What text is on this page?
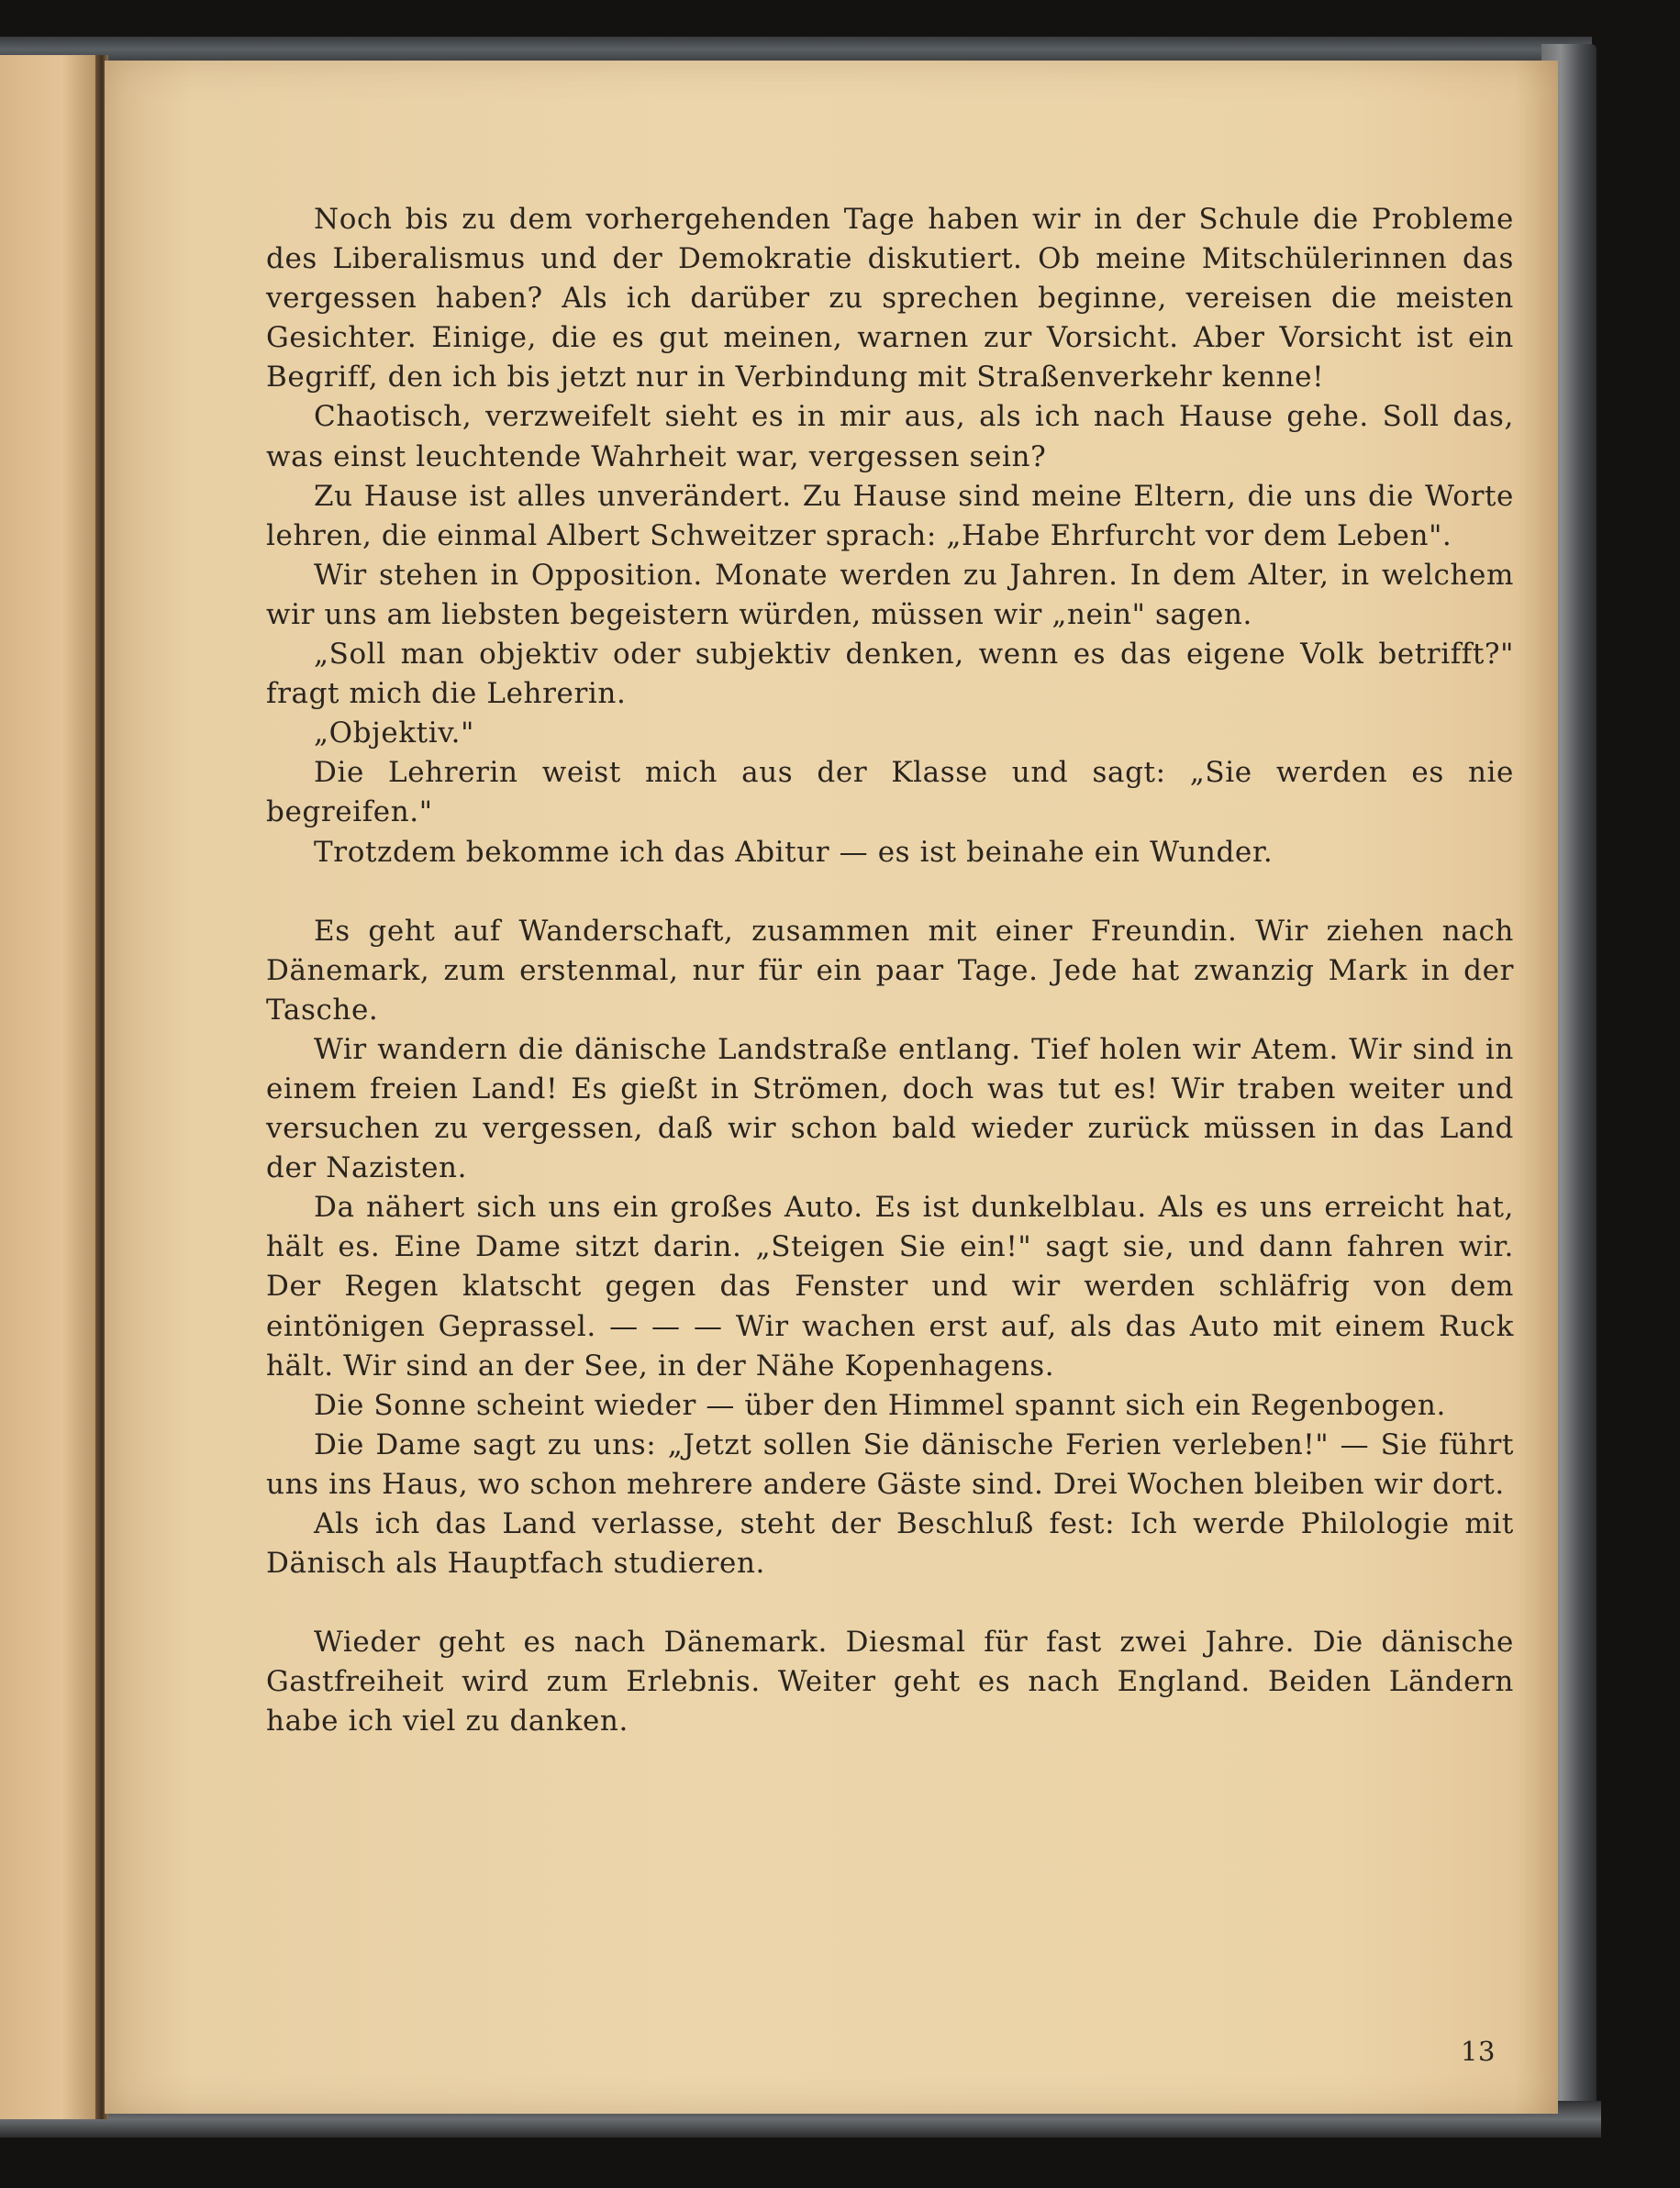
Noch bis zu dem vorhergehenden Tage haben wir in der Schule die Probleme des Liberalismus und der Demokratie diskutiert. Ob meine Mitschülerinnen das vergessen haben? Als ich darüber zu sprechen beginne, vereisen die meisten Gesichter. Einige, die es gut meinen, warnen zur Vorsicht. Aber Vorsicht ist ein Begriff, den ich bis jetzt nur in Verbindung mit Straßenverkehr kenne!

Chaotisch, verzweifelt sieht es in mir aus, als ich nach Hause gehe. Soll das, was einst leuchtende Wahrheit war, vergessen sein?

Zu Hause ist alles unverändert. Zu Hause sind meine Eltern, die uns die Worte lehren, die einmal Albert Schweitzer sprach: „Habe Ehrfurcht vor dem Leben".

Wir stehen in Opposition. Monate werden zu Jahren. In dem Alter, in welchem wir uns am liebsten begeistern würden, müssen wir „nein" sagen.

„Soll man objektiv oder subjektiv denken, wenn es das eigene Volk betrifft?" fragt mich die Lehrerin.

„Objektiv."

Die Lehrerin weist mich aus der Klasse und sagt: „Sie werden es nie begreifen."

Trotzdem bekomme ich das Abitur — es ist beinahe ein Wunder.

Es geht auf Wanderschaft, zusammen mit einer Freundin. Wir ziehen nach Dänemark, zum erstenmal, nur für ein paar Tage. Jede hat zwanzig Mark in der Tasche.

Wir wandern die dänische Landstraße entlang. Tief holen wir Atem. Wir sind in einem freien Land! Es gießt in Strömen, doch was tut es! Wir traben weiter und versuchen zu vergessen, daß wir schon bald wieder zurück müssen in das Land der Nazisten.

Da nähert sich uns ein großes Auto. Es ist dunkelblau. Als es uns erreicht hat, hält es. Eine Dame sitzt darin. „Steigen Sie ein!" sagt sie, und dann fahren wir. Der Regen klatscht gegen das Fenster und wir werden schläfrig von dem eintönigen Geprassel. — — — Wir wachen erst auf, als das Auto mit einem Ruck hält. Wir sind an der See, in der Nähe Kopenhagens.

Die Sonne scheint wieder — über den Himmel spannt sich ein Regenbogen.

Die Dame sagt zu uns: „Jetzt sollen Sie dänische Ferien verleben!" — Sie führt uns ins Haus, wo schon mehrere andere Gäste sind. Drei Wochen bleiben wir dort.

Als ich das Land verlasse, steht der Beschluß fest: Ich werde Philologie mit Dänisch als Hauptfach studieren.

Wieder geht es nach Dänemark. Diesmal für fast zwei Jahre. Die dänische Gastfreiheit wird zum Erlebnis. Weiter geht es nach England. Beiden Ländern habe ich viel zu danken.

13
